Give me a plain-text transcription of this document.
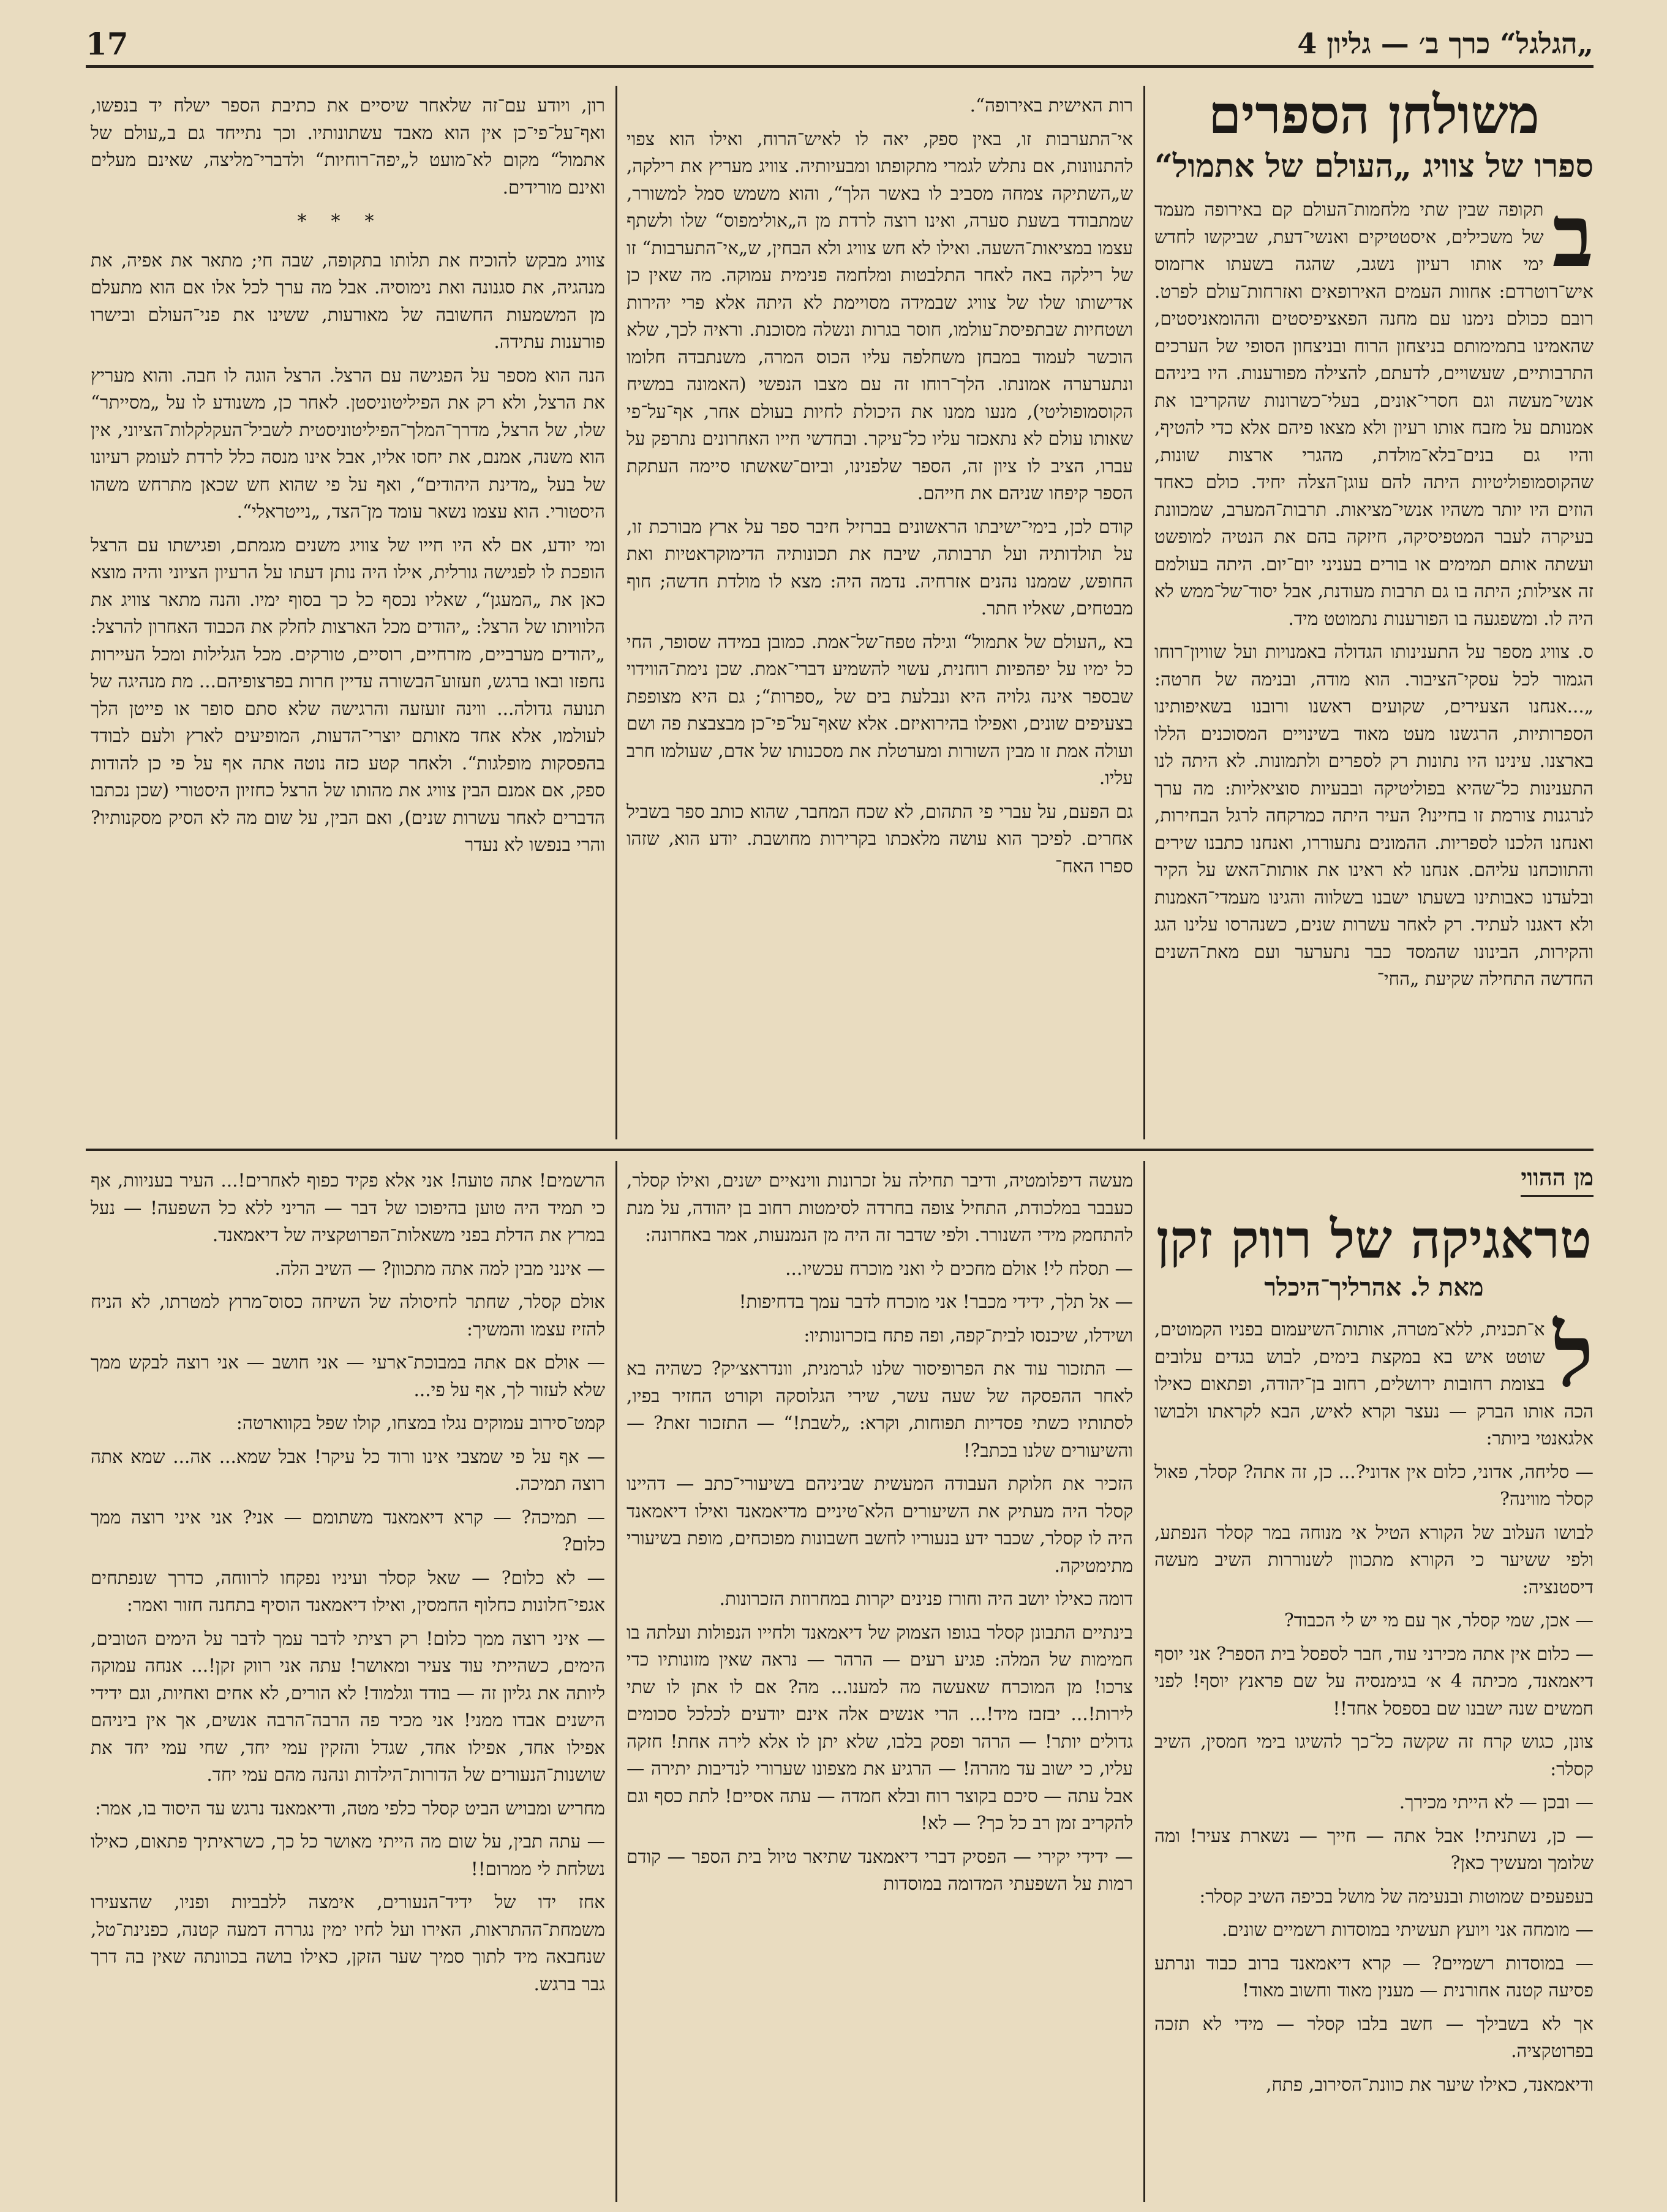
„הגלגל“ כרך ב׳ — גליון 4
17
משולחן הספרים
ספרו של צוויג „העולם של אתמול“

ב
תקופה שבין שתי מלחמות־העולם קם באירופה מעמד של משכילים, איסטטיקים ואנשי־דעת, שביקשו לחדש ימי אותו רעיון נשגב, שהגה בשעתו ארזמוס איש־רוטרדם: אחוות העמים האירופאים ואזרחות־עולם לפרט. רובם ככולם נימנו עם מחנה הפאציפיסטים וההומאניסטים, שהאמינו בתמימותם בניצחון הרוח ובניצחון הסופי של הערכים התרבותיים, שעשויים, לדעתם, להצילה מפורענות. היו ביניהם אנשי־מעשה וגם חסרי־אונים, בעלי־כשרונות שהקריבו את אמנותם על מזבח אותו רעיון ולא מצאו פיהם אלא כדי להטיף, והיו גם בנים־בלא־מולדת, מהגרי ארצות שונות, שהקוסמופוליטיות היתה להם עוגן־הצלה יחיד. כולם כאחד הוזים היו יותר משהיו אנשי־מציאות. תרבות־המערב, שמכוונת בעיקרה לעבר המטפיסיקה, חיזקה בהם את הנטיה למופשט ועשתה אותם תמימים או בורים בעניני יום־יום. היתה בעולמם זה אצילות; היתה בו גם תרבות מעודנת, אבל יסוד־של־ממש לא היה לו. ומשפגעה בו הפורענות נתמוטט מיד.

ס. צוויג מספר על התענינותו הגדולה באמנויות ועל שוויון־רוחו הגמור לכל עסקי־הציבור. הוא מודה, ובנימה של חרטה: „...אנחנו הצעירים, שקועים ראשנו ורובנו בשאיפותינו הספרותיות, הרגשנו מעט מאוד בשינויים המסוכנים הללו בארצנו. עינינו היו נתונות רק לספרים ולתמונות. לא היתה לנו התענינות כל־שהיא בפוליטיקה ובבעיות סוציאליות: מה ערך לנרגנות צורמת זו בחיינו? העיר היתה כמרקחה לרגל הבחירות, ואנחנו הלכנו לספריות. ההמונים נתעוררו, ואנחנו כתבנו שירים והתווכחנו עליהם. אנחנו לא ראינו את אותות־האש על הקיר ובלעדנו כאבותינו בשעתו ישבנו בשלווה והגינו מעמדי־האמנות ולא דאגנו לעתיד. רק לאחר עשרות שנים, כשנהרסו עלינו הגג והקירות, הבינונו שהמסד כבר נתערער ועם מאת־השנים החדשה התחילה שקיעת „החי־

רות האישית באירופה“.

אי־התערבות זו, באין ספק, יאה לו לאיש־הרוח, ואילו הוא צפוי להתנוונות, אם נתלש לגמרי מתקופתו ומבעיותיה. צוויג מעריץ את רילקה, ש„השתיקה צמחה מסביב לו באשר הלך“, והוא משמש סמל למשורר, שמתבודד בשעת סערה, ואינו רוצה לרדת מן ה„אולימפוס“ שלו ולשתף עצמו במציאות־השעה. ואילו לא חש צוויג ולא הבחין, ש„אי־התערבות“ זו של רילקה באה לאחר התלבטות ומלחמה פנימית עמוקה. מה שאין כן אדישותו שלו של צוויג שבמידה מסויימת לא היתה אלא פרי יהירות ושטחיות שבתפיסת־עולמו, חוסר בגרות ונשלה מסוכנת. וראיה לכך, שלא הוכשר לעמוד במבחן משחלפה עליו הכוס המרה, משנתבדה חלומו ונתערערה אמונתו. הלך־רוחו זה עם מצבו הנפשי (האמונה במשיח הקוסמופוליטי), מנעו ממנו את היכולת לחיות בעולם אחר, אף־על־פי שאותו עולם לא נתאכזר עליו כל־עיקר. ובחדשי חייו האחרונים נתרפק על עברו, הציב לו ציון זה, הספר שלפנינו, וביום־שאשתו סיימה העתקת הספר קיפחו שניהם את חייהם.

קודם לכן, בימי־ישיבתו הראשונים בברזיל חיבר ספר על ארץ מבורכת זו, על תולדותיה ועל תרבותה, שיבח את תכונותיה הדימוקראטיות ואת החופש, שממנו נהנים אזרחיה. נדמה היה: מצא לו מולדת חדשה; חוף מבטחים, שאליו חתר.

בא „העולם של אתמול“ וגילה טפח־של־אמת. כמובן במידה שסופר, החי כל ימיו על יפהפיות רוחנית, עשוי להשמיע דברי־אמת. שכן נימת־הווידוי שבספר אינה גלויה היא ונבלעת בים של „ספרות“; גם היא מצופפת בצעיפים שונים, ואפילו בהירואיזם. אלא שאף־על־פי־כן מבצבצת פה ושם ועולה אמת זו מבין השורות ומערטלת את מסכנותו של אדם, שעולמו חרב עליו.

גם הפעם, על עברי פי התהום, לא שכח המחבר, שהוא כותב ספר בשביל אחרים. לפיכך הוא עושה מלאכתו בקרירות מחושבת. יודע הוא, שזהו ספרו האח־

רון, ויודע עם־זה שלאחר שיסיים את כתיבת הספר ישלח יד בנפשו, ואף־על־פי־כן אין הוא מאבד עשתונותיו. וכך נתייחד גם ב„עולם של אתמול“ מקום לא־מועט ל„יפה־רוחיות“ ולדברי־מליצה, שאינם מעלים ואינם מורידים.

*​*​*

צוויג מבקש להוכיח את תלותו בתקופה, שבה חי; מתאר את אפיה, את מנהגיה, את סגנונה ואת נימוסיה. אבל מה ערך לכל אלו אם הוא מתעלם מן המשמעות החשובה של מאורעות, ששינו את פני־העולם ובישרו פורענות עתידה.

הנה הוא מספר על הפגישה עם הרצל. הרצל הוגה לו חבה. והוא מעריץ את הרצל, ולא רק את הפיליטוניסטן. לאחר כן, משנודע לו על „מסייתר“ שלו, של הרצל, מדרך־המלך־הפיליטוניסטית לשביל־העקלקלות־הציוני, אין הוא משנה, אמנם, את יחסו אליו, אבל אינו מנסה כלל לרדת לעומק רעיונו של בעל „מדינת היהודים“, ואף על פי שהוא חש שכאן מתרחש משהו היסטורי. הוא עצמו נשאר עומד מן־הצד, „נייטראלי“.

ומי יודע, אם לא היו חייו של צוויג משנים מגמתם, ופגישתו עם הרצל הופכת לו לפגישה גורלית, אילו היה נותן דעתו על הרעיון הציוני והיה מוצא כאן את „המעגן“, שאליו נכסף כל כך בסוף ימיו. והנה מתאר צוויג את הלוויותו של הרצל: „יהודים מכל הארצות לחלק את הכבוד האחרון להרצל: „יהודים מערביים, מזרחיים, רוסיים, טורקים. מכל הגלילות ומכל העיירות נחפזו ובאו ברגש, וזעזוע־הבשורה עדיין חרות בפרצופיהם... מת מנהיגה של תנועה גדולה... ווינה זועזעה והרגישה שלא סתם סופר או פייטן הלך לעולמו, אלא אחד מאותם יוצרי־הדעות, המופיעים לארץ ולעם לבודד בהפסקות מופלגות“. ולאחר קטע כזה נוטה אתה אף על פי כן להודות ספק, אם אמנם הבין צוויג את מהותו של הרצל כחזיון היסטורי (שכן נכתבו הדברים לאחר עשרות שנים), ואם הבין, על שום מה לא הסיק מסקנותיו? והרי בנפשו לא נעדר

מן ההווי
טראגיקה של רווק זקן
מאת ל. אהרליך־היכלר

ל
א־תכנית, ללא־מטרה, אותות־השיעמום בפניו הקמוטים, שוטט איש בא במקצת בימים, לבוש בגדים עלובים בצומת רחובות ירושלים, רחוב בן־יהודה, ופתאום כאילו הכה אותו הברק — נעצר וקרא לאיש, הבא לקראתו ולבושו אלגאנטי ביותר:

— סליחה, אדוני, כלום אין אדוני?... כן, זה אתה? קסלר, פאול קסלר מווינה?

לבושו העלוב של הקורא הטיל אי מנוחה במר קסלר הנפתע, ולפי ששיער כי הקורא מתכוון לשנוררות השיב מעשה דיסטנציה:

— אכן, שמי קסלר, אך עם מי יש לי הכבוד?

— כלום אין אתה מכירני עוד, חבר לספסל בית הספר? אני יוסף דיאמאנד, מכיתה 4 א׳ בגימנסיה על שם פראנץ יוסף! לפני חמשים שנה ישבנו שם בספסל אחד!!

צונן, כגוש קרח זה שקשה כל־כך להשיגו בימי חמסין, השיב קסלר:

— ובכן — לא הייתי מכירך.

— כן, נשתניתי! אבל אתה — חייך — נשארת צעיר! ומה שלומך ומעשיך כאן?

בעפעפים שמוטות ובנעימה של מושל בכיפה השיב קסלר:

— מומחה אני ויועץ תעשיתי במוסדות רשמיים שונים.

— במוסדות רשמיים? — קרא דיאמאנד ברוב כבוד ונרתע פסיעה קטנה אחורנית — מענין מאוד וחשוב מאוד!

אך לא בשבילך — חשב בלבו קסלר — מידי לא תזכה בפרוטקציה.

ודיאמאנד, כאילו שיער את כוונת־הסירוב, פתח,

מעשה דיפלומטיה, ודיבר תחילה על זכרונות ווינאיים ישנים, ואילו קסלר, כעבבר במלכודת, התחיל צופה בחרדה לסימטות רחוב בן יהודה, על מנת להתחמק מידי השנורר. ולפי שדבר זה היה מן הנמנעות, אמר באחרונה:

— תסלח לי! אולם מחכים לי ואני מוכרח עכשיו...

— אל תלך, ידידי מכבר! אני מוכרח לדבר עמך בדחיפות!

ושידלו, שיכנסו לבית־קפה, ופה פתח בזכרונותיו:

— התזכור עוד את הפרופיסור שלנו לגרמנית, וונדראצ׳יק? כשהיה בא לאחר ההפסקה של שעה עשר, שירי הגלוסקה וקורט החזיר בפיו, לסתותיו כשתי פסדיות תפוחות, וקרא: „לשבת!“ — התזכור זאת? — והשיעורים שלנו בכתב?!

הזכיר את חלוקת העבודה המעשית שביניהם בשיעורי־כתב — דהיינו קסלר היה מעתיק את השיעורים הלא־טיניים מדיאמאנד ואילו דיאמאנד היה לו קסלר, שכבר ידע בנעוריו לחשב חשבונות מפוכחים, מופת בשיעורי מתימטיקה.

דומה כאילו יושב היה וחורז פנינים יקרות במחרוזת הזכרונות.

בינתיים התבונן קסלר בגופו הצמוק של דיאמאנד ולחייו הנפולות ועלתה בו חמימות של המלה: פגיע רעים — הרהר — נראה שאין מזונותיו כדי צרכו! מן המוכרח שאעשה מה למענו... מה? אם לו אתן לו שתי לירות!... יבזבז מיד!... הרי אנשים אלה אינם יודעים לכלכל סכומים גדולים יותר! — הרהר ופסק בלבו, שלא יתן לו אלא לירה אחת! חזקה עליו, כי ישוב עד מהרה! — הרגיע את מצפונו שערורי לנדיבות יתירה — אבל עתה — סיכם בקוצר רוח ובלא חמדה — עתה אסיים! לתת כסף וגם להקריב זמן רב כל כך? — לא!

— ידידי יקירי — הפסיק דברי דיאמאנד שתיאר טיול בית הספר — קודם רמות על השפעתי המדומה במוסדות

הרשמים! אתה טועה! אני אלא פקיד כפוף לאחרים!... העיר בעניוות, אף כי תמיד היה טוען בהיפוכו של דבר — הריני ללא כל השפעה! — נעל במרץ את הדלת בפני משאלות־הפרוטקציה של דיאמאנד.

— אינני מבין למה אתה מתכוון? — השיב הלה.

אולם קסלר, שחתר לחיסולה של השיחה כסוס־מרוץ למטרתו, לא הניח להזיז עצמו והמשיך:

— אולם אם אתה במבוכת־ארעי — אני חושב — אני רוצה לבקש ממך שלא לעזור לך, אף על פי...

קמט־סירוב עמוקים נגלו במצחו, קולו שפל בקווארטה:

— אף על פי שמצבי אינו ורוד כל עיקר! אבל שמא... אה... שמא אתה רוצה תמיכה.

— תמיכה? — קרא דיאמאנד משתומם — אני? אני איני רוצה ממך כלום?

— לא כלום? — שאל קסלר ועיניו נפקחו לרווחה, כדרך שנפתחים אגפי־חלונות כחלוף החמסין, ואילו דיאמאנד הוסיף בתחנה חזור ואמר:

— איני רוצה ממך כלום! רק רציתי לדבר עמך לדבר על הימים הטובים, הימים, כשהייתי עוד צעיר ומאושר! עתה אני רווק זקן!... אנחה עמוקה ליותה את גליון זה — בודד וגלמוד! לא הורים, לא אחים ואחיות, וגם ידידי הישנים אבדו ממני! אני מכיר פה הרבה־הרבה אנשים, אך אין ביניהם אפילו אחד, אפילו אחד, שגדל והזקין עמי יחד, שחי עמי יחד את שושנות־הנעורים של הדורות־הילדות ונהנה מהם עמי יחד.

מחריש ומבויש הביט קסלר כלפי מטה, ודיאמאנד נרגש עד היסוד בו, אמר:

— עתה תבין, על שום מה הייתי מאושר כל כך, כשראיתיך פתאום, כאילו נשלחת לי ממרום!!

אחז ידו של ידיד־הנעורים, אימצה ללבביות ופניו, שהצעירו משמחת־ההתראות, האירו ועל לחיו ימין נגררה דמעה קטנה, כפנינת־טל, שנחבאה מיד לתוך סמיך שער הזקן, כאילו בושה בכוונתה שאין בה דרך גבר ברגש.
